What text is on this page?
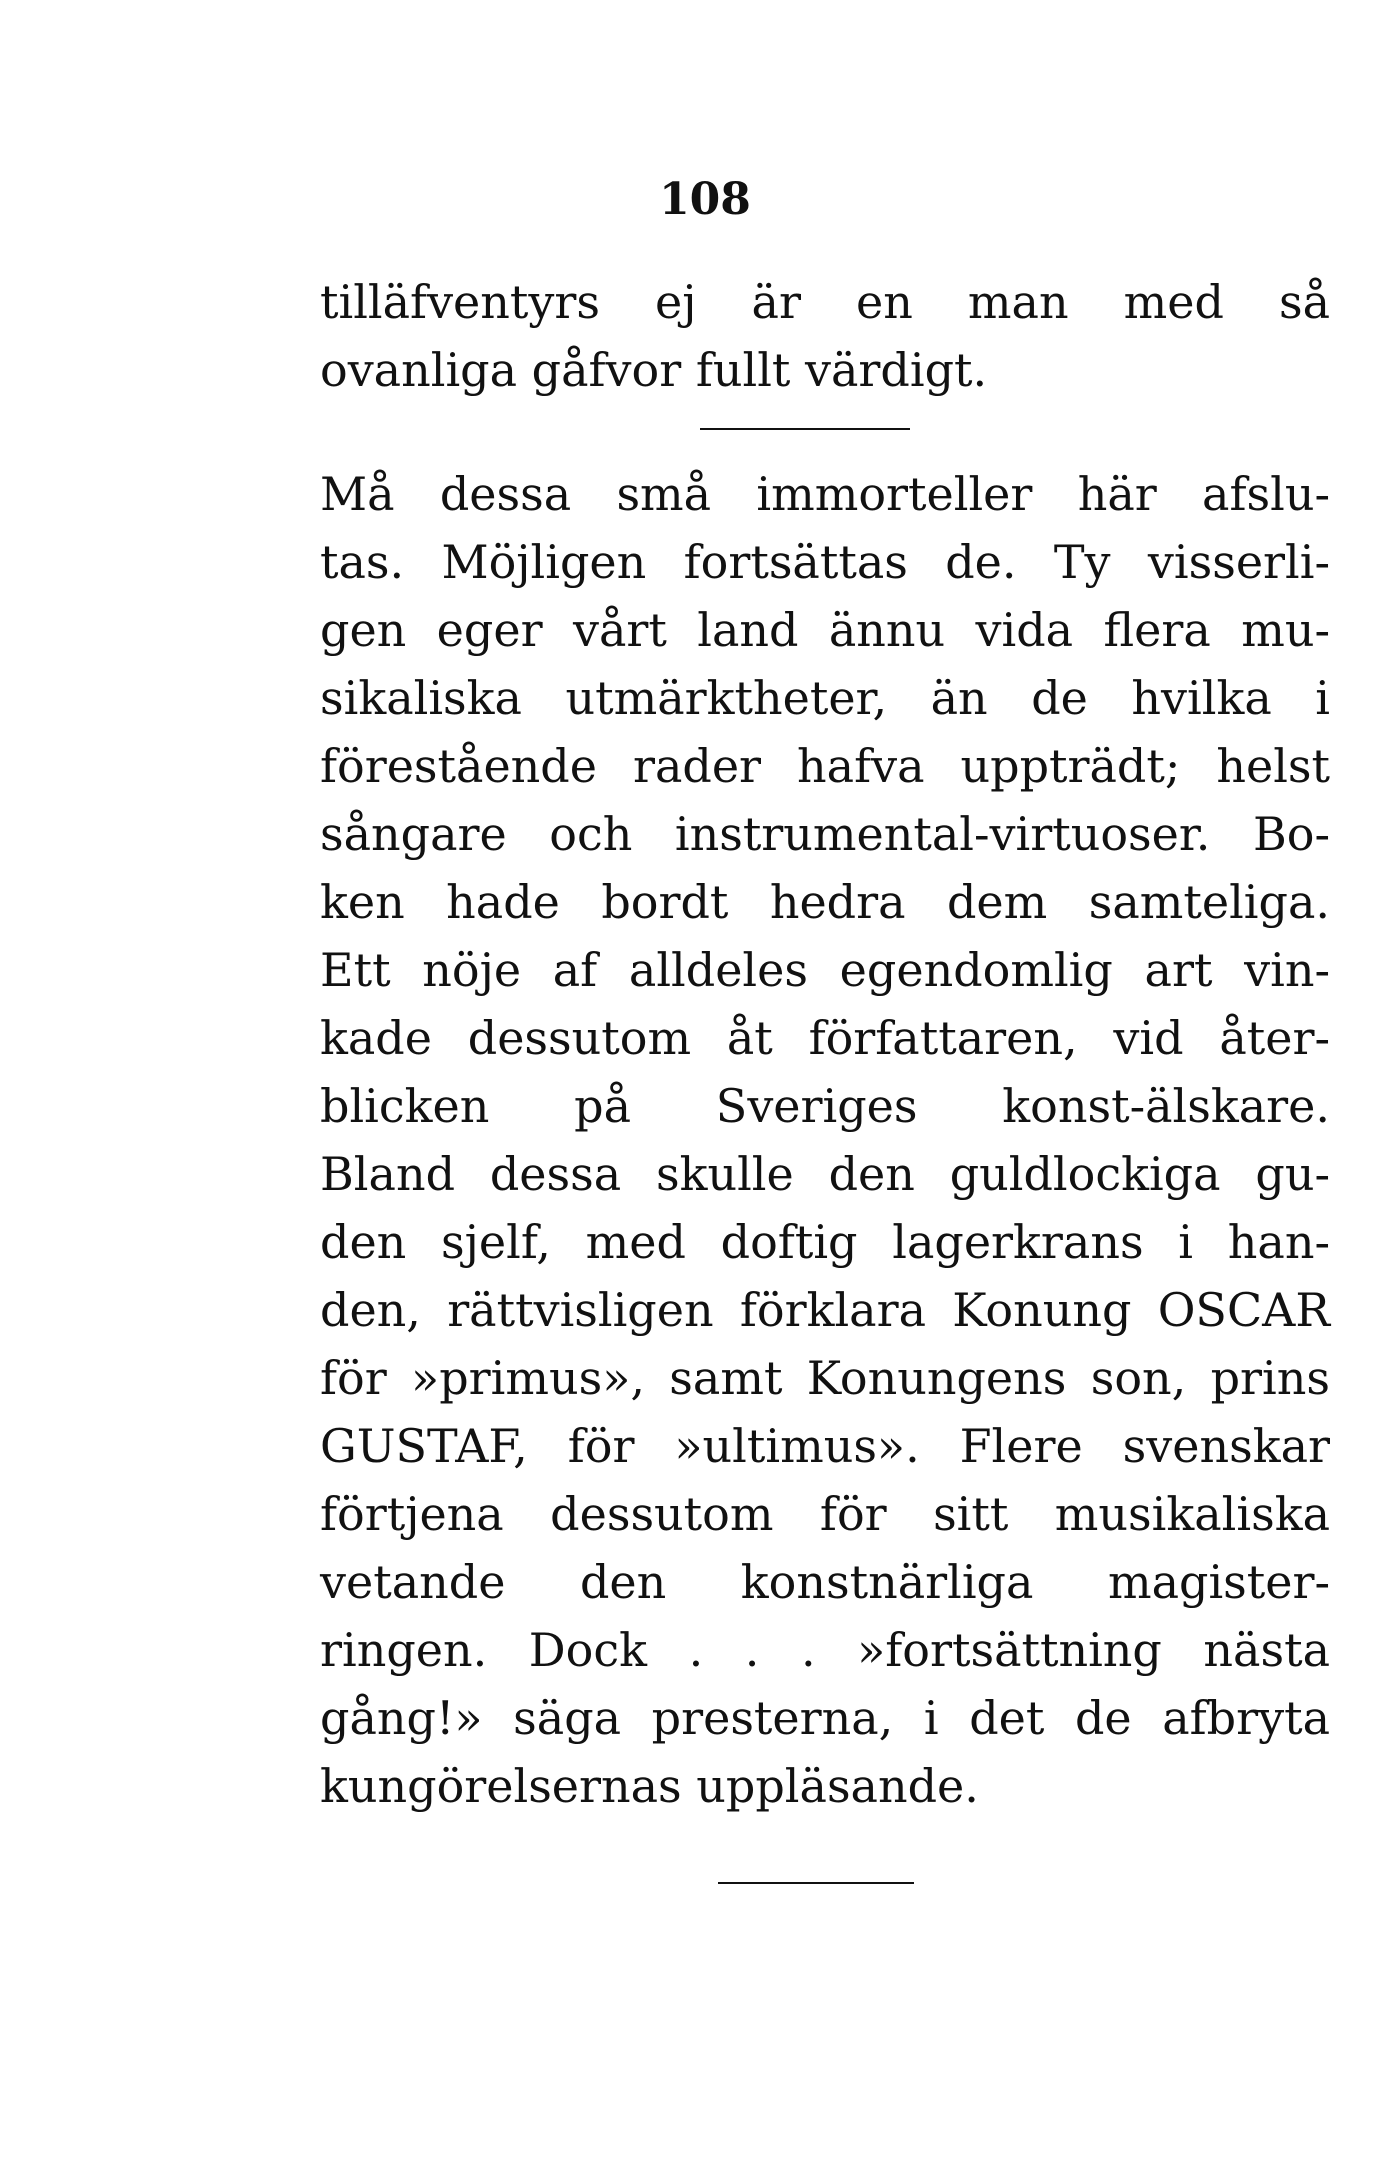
108
tilläfventyrs ej är en man med så
ovanliga gåfvor fullt värdigt.
Må dessa små immorteller här afslu-
tas. Möjligen fortsättas de. Ty visserli-
gen eger vårt land ännu vida flera mu-
sikaliska utmärktheter, än de hvilka i
förestående rader hafva uppträdt; helst
sångare och instrumental-virtuoser. Bo-
ken hade bordt hedra dem samteliga.
Ett nöje af alldeles egendomlig art vin-
kade dessutom åt författaren, vid åter-
blicken på Sveriges konst-älskare.
Bland dessa skulle den guldlockiga gu-
den sjelf, med doftig lagerkrans i han-
den, rättvisligen förklara Konung OSCAR
för »primus», samt Konungens son, prins
GUSTAF, för »ultimus». Flere svenskar
förtjena dessutom för sitt musikaliska
vetande den konstnärliga magister-
ringen. Dock . . . »fortsättning nästa
gång!» säga presterna, i det de afbryta
kungörelsernas uppläsande.
